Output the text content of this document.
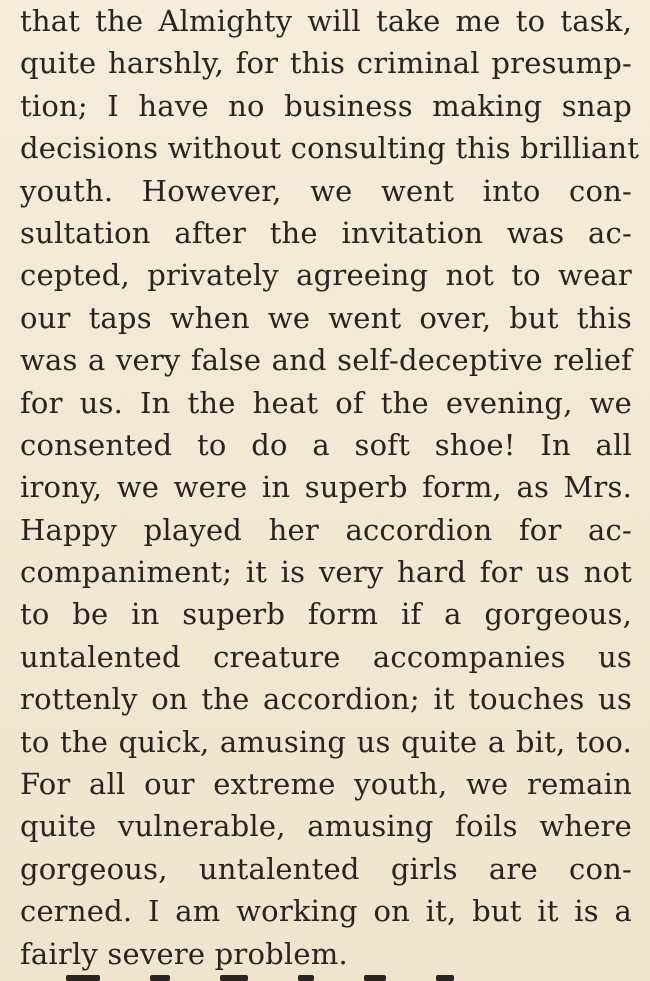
that the Almighty will take me to task,
quite harshly, for this criminal presump-
tion; I have no business making snap
decisions without consulting this brilliant
youth. However, we went into con-
sultation after the invitation was ac-
cepted, privately agreeing not to wear
our taps when we went over, but this
was a very false and self-deceptive relief
for us. In the heat of the evening, we
consented to do a soft shoe! In all
irony, we were in superb form, as Mrs.
Happy played her accordion for ac-
companiment; it is very hard for us not
to be in superb form if a gorgeous,
untalented creature accompanies us
rottenly on the accordion; it touches us
to the quick, amusing us quite a bit, too.
For all our extreme youth, we remain
quite vulnerable, amusing foils where
gorgeous, untalented girls are con-
cerned. I am working on it, but it is a
fairly severe problem.
